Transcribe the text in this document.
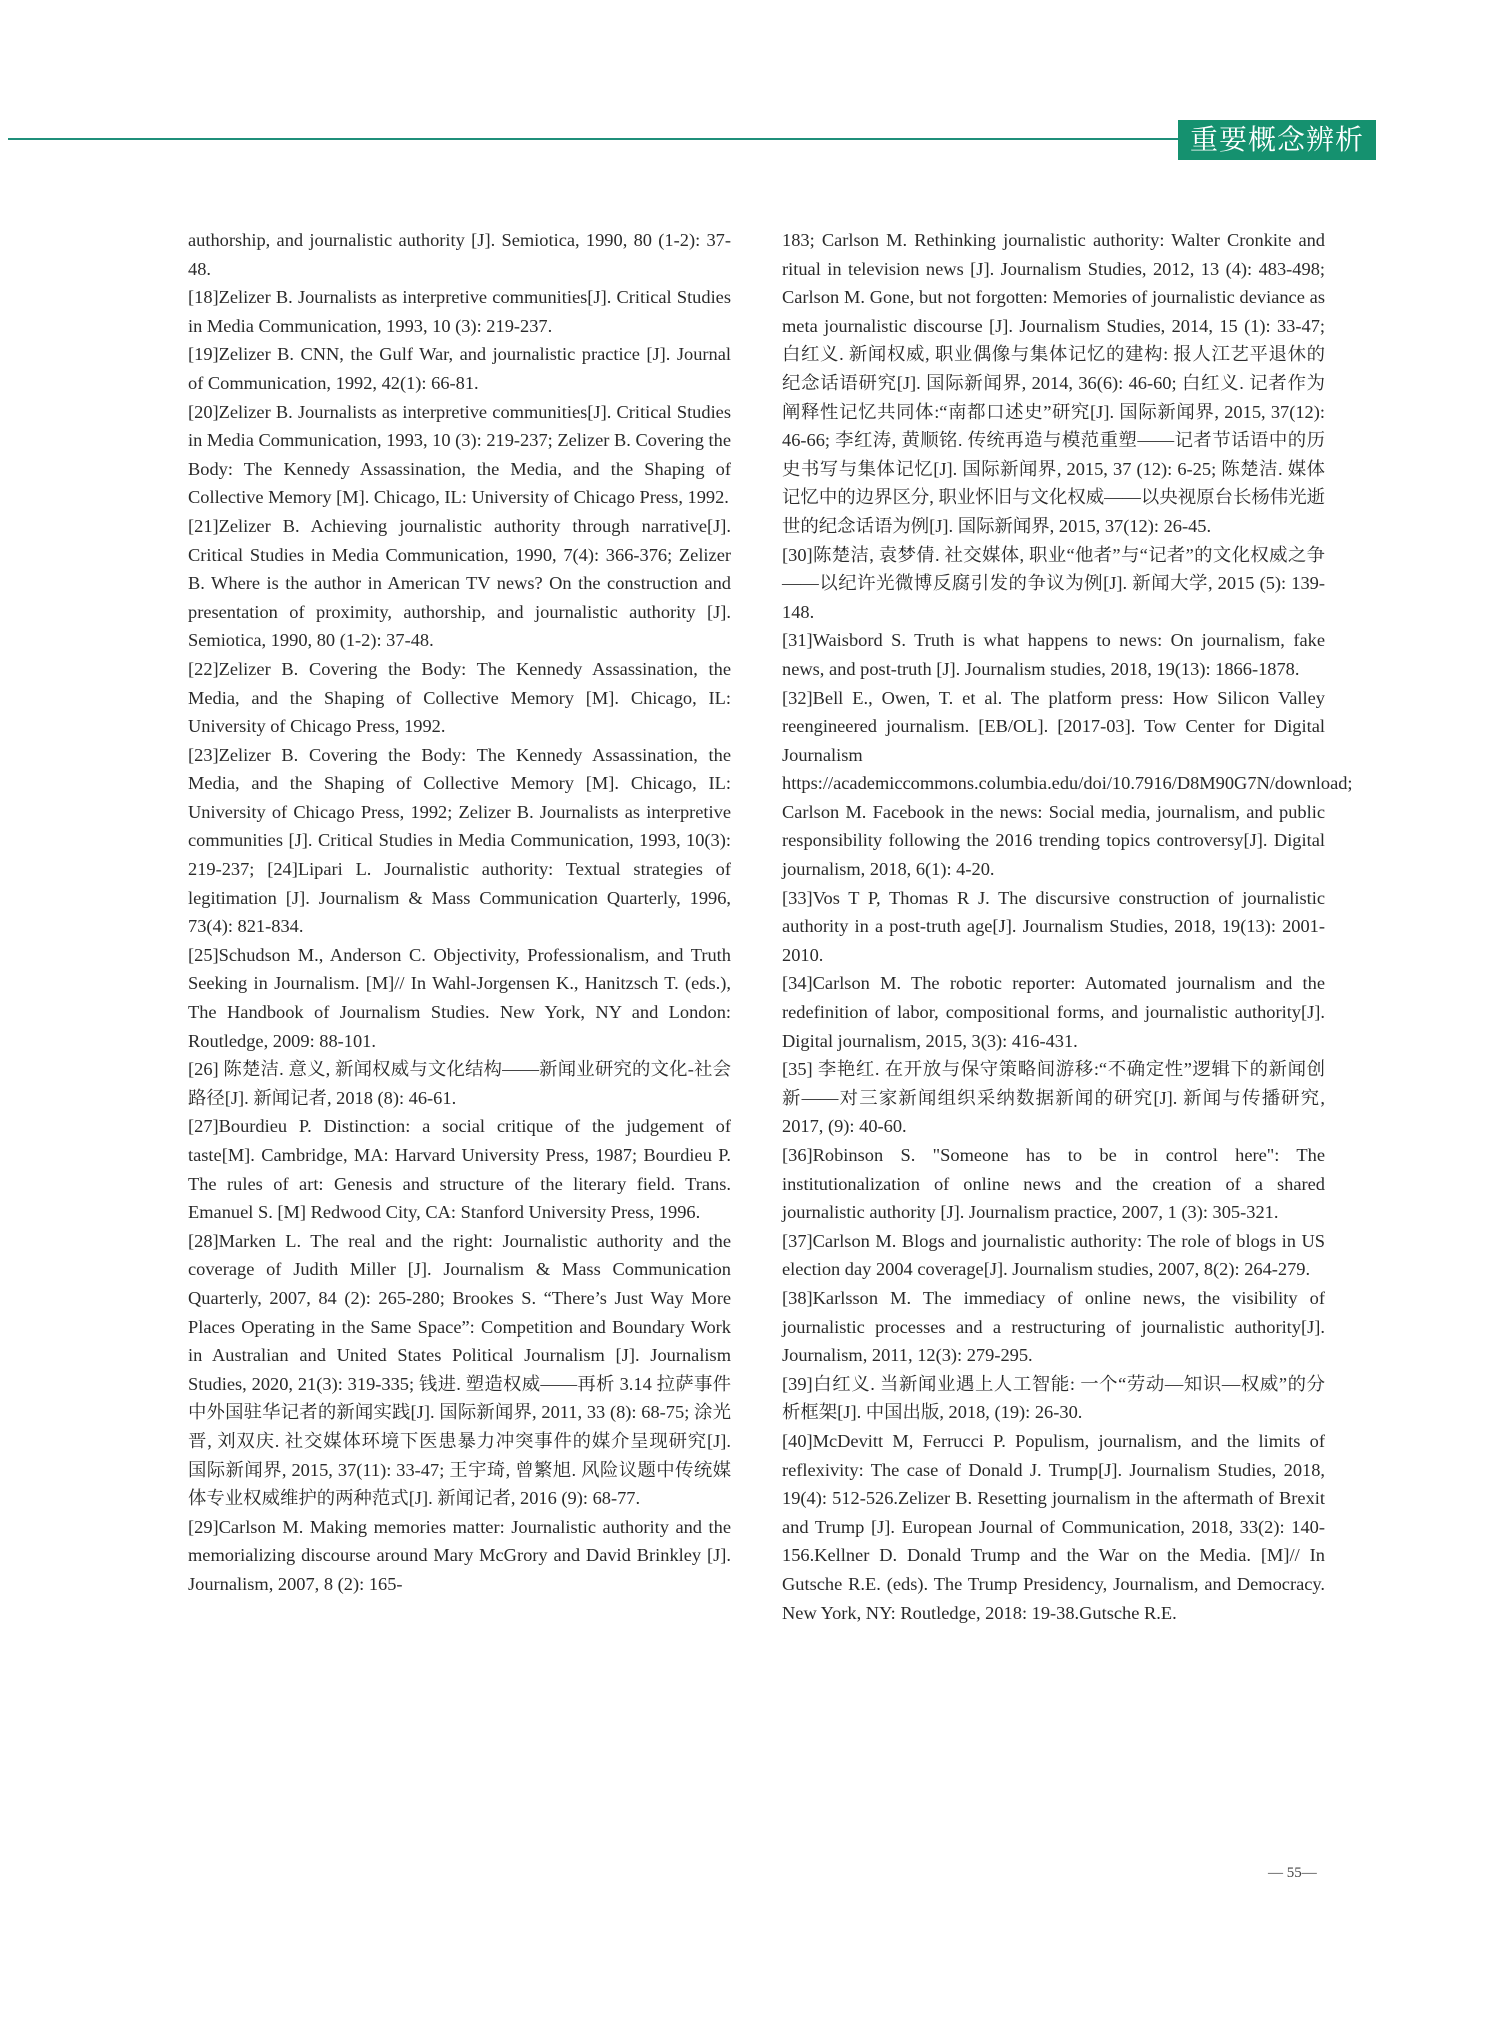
重要概念辨析

authorship, and journalistic authority [J]. Semiotica, 1990, 80 (1-2): 37-48.

[18]Zelizer B. Journalists as interpretive communities[J]. Critical Studies in Media Communication, 1993, 10 (3): 219-237.

[19]Zelizer B. CNN, the Gulf War, and journalistic practice [J]. Journal of Communication, 1992, 42(1): 66-81.

[20]Zelizer B. Journalists as interpretive communities[J]. Critical Studies in Media Communication, 1993, 10 (3): 219-237; Zelizer B. Covering the Body: The Kennedy Assassination, the Media, and the Shaping of Collective Memory [M]. Chicago, IL: University of Chicago Press, 1992.

[21]Zelizer B. Achieving journalistic authority through narrative[J]. Critical Studies in Media Communication, 1990, 7(4): 366-376; Zelizer B. Where is the author in American TV news? On the construction and presentation of proximity, authorship, and journalistic authority [J]. Semiotica, 1990, 80 (1-2): 37-48.

[22]Zelizer B. Covering the Body: The Kennedy Assassination, the Media, and the Shaping of Collective Memory [M]. Chicago, IL: University of Chicago Press, 1992.

[23]Zelizer B. Covering the Body: The Kennedy Assassination, the Media, and the Shaping of Collective Memory [M]. Chicago, IL: University of Chicago Press, 1992; Zelizer B. Journalists as interpretive communities [J]. Critical Studies in Media Communication, 1993, 10(3): 219-237; [24]Lipari L. Journalistic authority: Textual strategies of legitimation [J]. Journalism & Mass Communication Quarterly, 1996, 73(4): 821-834.

[25]Schudson M., Anderson C. Objectivity, Professionalism, and Truth Seeking in Journalism. [M]// In Wahl-Jorgensen K., Hanitzsch T. (eds.), The Handbook of Journalism Studies. New York, NY and London: Routledge, 2009: 88-101.

[26] 陈楚洁. 意义, 新闻权威与文化结构——新闻业研究的文化-社会路径[J]. 新闻记者, 2018 (8): 46-61.

[27]Bourdieu P. Distinction: a social critique of the judgement of taste[M]. Cambridge, MA: Harvard University Press, 1987; Bourdieu P. The rules of art: Genesis and structure of the literary field. Trans. Emanuel S. [M] Redwood City, CA: Stanford University Press, 1996.

[28]Marken L. The real and the right: Journalistic authority and the coverage of Judith Miller [J]. Journalism & Mass Communication Quarterly, 2007, 84 (2): 265-280; Brookes S. “There’s Just Way More Places Operating in the Same Space”: Competition and Boundary Work in Australian and United States Political Journalism [J]. Journalism Studies, 2020, 21(3): 319-335; 钱进. 塑造权威——再析 3.14 拉萨事件中外国驻华记者的新闻实践[J]. 国际新闻界, 2011, 33 (8): 68-75; 涂光晋, 刘双庆. 社交媒体环境下医患暴力冲突事件的媒介呈现研究[J]. 国际新闻界, 2015, 37(11): 33-47; 王宇琦, 曾繁旭. 风险议题中传统媒体专业权威维护的两种范式[J]. 新闻记者, 2016 (9): 68-77.

[29]Carlson M. Making memories matter: Journalistic authority and the memorializing discourse around Mary McGrory and David Brinkley [J]. Journalism, 2007, 8 (2): 165-

183; Carlson M. Rethinking journalistic authority: Walter Cronkite and ritual in television news [J]. Journalism Studies, 2012, 13 (4): 483-498; Carlson M. Gone, but not forgotten: Memories of journalistic deviance as meta journalistic discourse [J]. Journalism Studies, 2014, 15 (1): 33-47; 白红义. 新闻权威, 职业偶像与集体记忆的建构: 报人江艺平退休的纪念话语研究[J]. 国际新闻界, 2014, 36(6): 46-60; 白红义. 记者作为阐释性记忆共同体:“南都口述史”研究[J]. 国际新闻界, 2015, 37(12): 46-66; 李红涛, 黄顺铭. 传统再造与模范重塑——记者节话语中的历史书写与集体记忆[J]. 国际新闻界, 2015, 37 (12): 6-25; 陈楚洁. 媒体记忆中的边界区分, 职业怀旧与文化权威——以央视原台长杨伟光逝世的纪念话语为例[J]. 国际新闻界, 2015, 37(12): 26-45.

[30]陈楚洁, 袁梦倩. 社交媒体, 职业“他者”与“记者”的文化权威之争——以纪许光微博反腐引发的争议为例[J]. 新闻大学, 2015 (5): 139-148.

[31]Waisbord S. Truth is what happens to news: On journalism, fake news, and post-truth [J]. Journalism studies, 2018, 19(13): 1866-1878.

[32]Bell E., Owen, T. et al. The platform press: How Silicon Valley reengineered journalism. [EB/OL]. [2017-03]. Tow Center for Digital Journalism https://academiccommons.columbia.edu/doi/10.7916/D8M90G7N/download; Carlson M. Facebook in the news: Social media, journalism, and public responsibility following the 2016 trending topics controversy[J]. Digital journalism, 2018, 6(1): 4-20.

[33]Vos T P, Thomas R J. The discursive construction of journalistic authority in a post-truth age[J]. Journalism Studies, 2018, 19(13): 2001-2010.

[34]Carlson M. The robotic reporter: Automated journalism and the redefinition of labor, compositional forms, and journalistic authority[J]. Digital journalism, 2015, 3(3): 416-431.

[35] 李艳红. 在开放与保守策略间游移:“不确定性”逻辑下的新闻创新——对三家新闻组织采纳数据新闻的研究[J]. 新闻与传播研究, 2017, (9): 40-60.

[36]Robinson S. "Someone has to be in control here": The institutionalization of online news and the creation of a shared journalistic authority [J]. Journalism practice, 2007, 1 (3): 305-321.

[37]Carlson M. Blogs and journalistic authority: The role of blogs in US election day 2004 coverage[J]. Journalism studies, 2007, 8(2): 264-279.

[38]Karlsson M. The immediacy of online news, the visibility of journalistic processes and a restructuring of journalistic authority[J]. Journalism, 2011, 12(3): 279-295.

[39]白红义. 当新闻业遇上人工智能: 一个“劳动—知识—权威”的分析框架[J]. 中国出版, 2018, (19): 26-30.

[40]McDevitt M, Ferrucci P. Populism, journalism, and the limits of reflexivity: The case of Donald J. Trump[J]. Journalism Studies, 2018, 19(4): 512-526.Zelizer B. Resetting journalism in the aftermath of Brexit and Trump [J]. European Journal of Communication, 2018, 33(2): 140-156.Kellner D. Donald Trump and the War on the Media. [M]// In Gutsche R.E. (eds). The Trump Presidency, Journalism, and Democracy. New York, NY: Routledge, 2018: 19-38.Gutsche R.E.

— 55—
